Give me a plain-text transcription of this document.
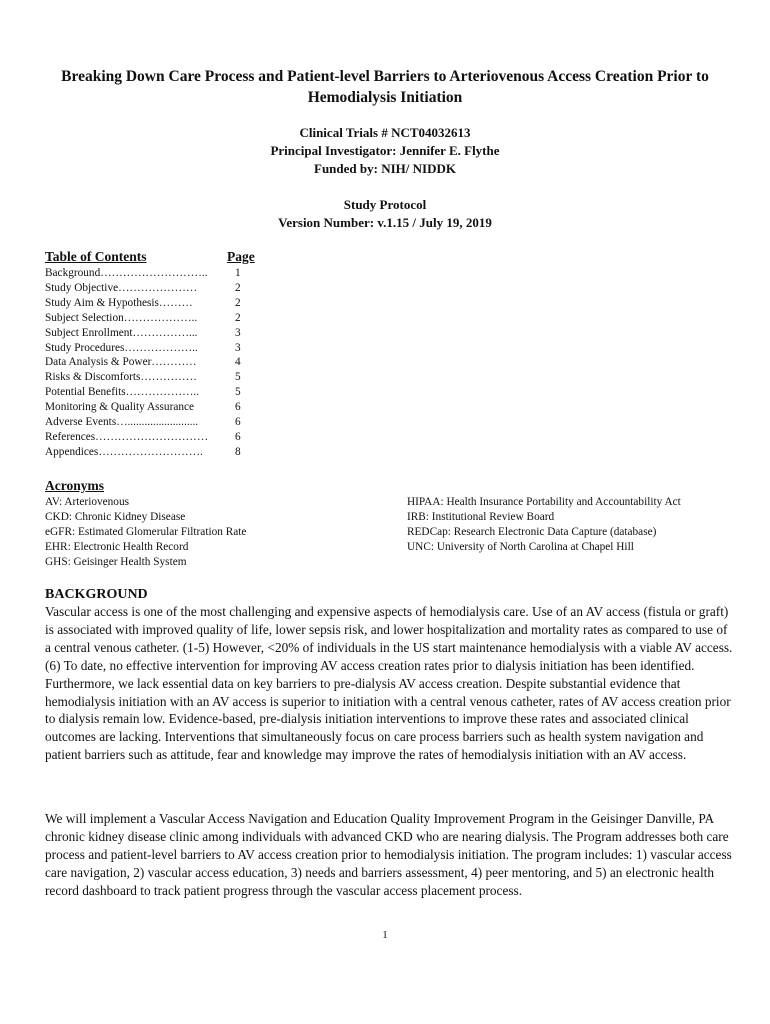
Breaking Down Care Process and Patient-level Barriers to Arteriovenous Access Creation Prior to Hemodialysis Initiation
Clinical Trials # NCT04032613
Principal Investigator: Jennifer E. Flythe
Funded by: NIH/ NIDDK
Study Protocol
Version Number: v.1.15 / July 19, 2019
Table of Contents	Page
Background………………………..	1
Study Objective…………………	2
Study Aim & Hypothesis………	2
Subject Selection………………..	2
Subject Enrollment……………...	3
Study Procedures………………..	3
Data Analysis & Power…………	4
Risks & Discomforts……………	5
Potential Benefits………………..	5
Monitoring & Quality Assurance	6
Adverse Events….........................	6
References…………………………	6
Appendices……………………….	8
Acronyms
AV: Arteriovenous
CKD: Chronic Kidney Disease
eGFR: Estimated Glomerular Filtration Rate
EHR: Electronic Health Record
GHS: Geisinger Health System
HIPAA: Health Insurance Portability and Accountability Act
IRB: Institutional Review Board
REDCap: Research Electronic Data Capture (database)
UNC: University of North Carolina at Chapel Hill
BACKGROUND

Vascular access is one of the most challenging and expensive aspects of hemodialysis care. Use of an AV access (fistula or graft) is associated with improved quality of life, lower sepsis risk, and lower hospitalization and mortality rates as compared to use of a central venous catheter. (1-5) However, <20% of individuals in the US start maintenance hemodialysis with a viable AV access. (6) To date, no effective intervention for improving AV access creation rates prior to dialysis initiation has been identified. Furthermore, we lack essential data on key barriers to pre-dialysis AV access creation. Despite substantial evidence that hemodialysis initiation with an AV access is superior to initiation with a central venous catheter, rates of AV access creation prior to dialysis remain low. Evidence-based, pre-dialysis initiation interventions to improve these rates and associated clinical outcomes are lacking. Interventions that simultaneously focus on care process barriers such as health system navigation and patient barriers such as attitude, fear and knowledge may improve the rates of hemodialysis initiation with an AV access.

We will implement a Vascular Access Navigation and Education Quality Improvement Program in the Geisinger Danville, PA chronic kidney disease clinic among individuals with advanced CKD who are nearing dialysis. The Program addresses both care process and patient-level barriers to AV access creation prior to hemodialysis initiation. The program includes: 1) vascular access care navigation, 2) vascular access education, 3) needs and barriers assessment, 4) peer mentoring, and 5) an electronic health record dashboard to track patient progress through the vascular access placement process.

1
